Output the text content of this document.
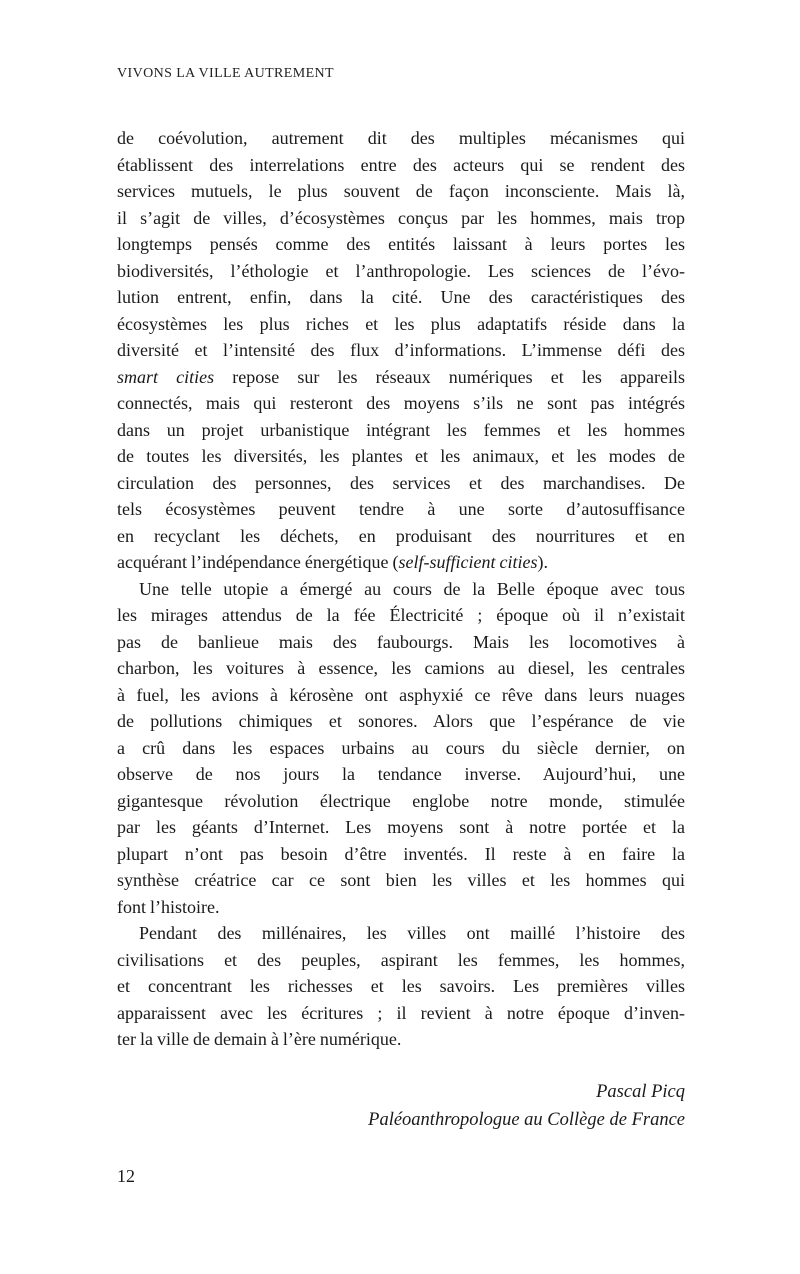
VIVONS LA VILLE AUTREMENT
de coévolution, autrement dit des multiples mécanismes qui
établissent des interrelations entre des acteurs qui se rendent des
services mutuels, le plus souvent de façon inconsciente. Mais là,
il s’agit de villes, d’écosystèmes conçus par les hommes, mais trop
longtemps pensés comme des entités laissant à leurs portes les
biodiversités, l’éthologie et l’anthropologie. Les sciences de l’évo-
lution entrent, enfin, dans la cité. Une des caractéristiques des
écosystèmes les plus riches et les plus adaptatifs réside dans la
diversité et l’intensité des flux d’informations. L’immense défi des
smart cities repose sur les réseaux numériques et les appareils
connectés, mais qui resteront des moyens s’ils ne sont pas intégrés
dans un projet urbanistique intégrant les femmes et les hommes
de toutes les diversités, les plantes et les animaux, et les modes de
circulation des personnes, des services et des marchandises. De
tels écosystèmes peuvent tendre à une sorte d’autosuffisance
en recyclant les déchets, en produisant des nourritures et en
acquérant l’indépendance énergétique (self-sufficient cities).
Une telle utopie a émergé au cours de la Belle époque avec tous
les mirages attendus de la fée Électricité ; époque où il n’existait
pas de banlieue mais des faubourgs. Mais les locomotives à
charbon, les voitures à essence, les camions au diesel, les centrales
à fuel, les avions à kérosène ont asphyxié ce rêve dans leurs nuages
de pollutions chimiques et sonores. Alors que l’espérance de vie
a crû dans les espaces urbains au cours du siècle dernier, on
observe de nos jours la tendance inverse. Aujourd’hui, une
gigantesque révolution électrique englobe notre monde, stimulée
par les géants d’Internet. Les moyens sont à notre portée et la
plupart n’ont pas besoin d’être inventés. Il reste à en faire la
synthèse créatrice car ce sont bien les villes et les hommes qui
font l’histoire.
Pendant des millénaires, les villes ont maillé l’histoire des
civilisations et des peuples, aspirant les femmes, les hommes,
et concentrant les richesses et les savoirs. Les premières villes
apparaissent avec les écritures ; il revient à notre époque d’inven-
ter la ville de demain à l’ère numérique.
Pascal Picq
Paléoanthropologue au Collège de France
12
